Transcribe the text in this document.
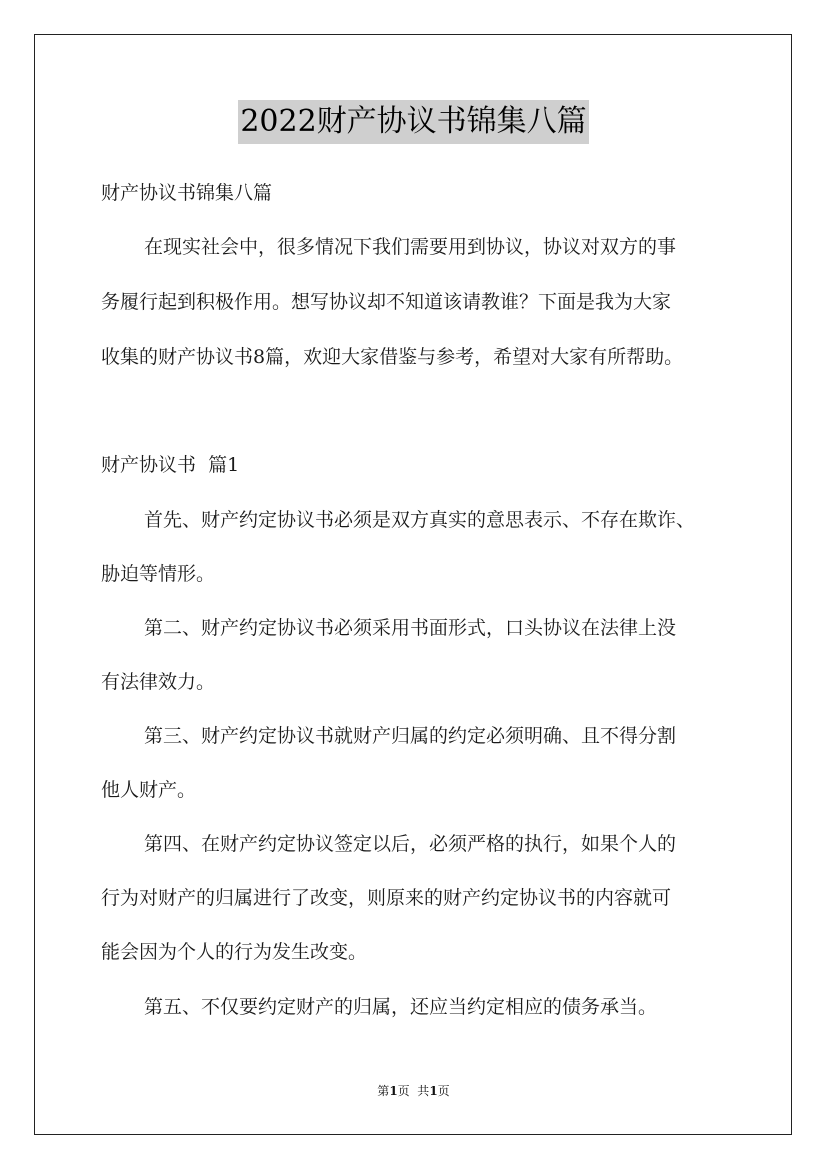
2022财产协议书锦集八篇
财产协议书锦集八篇
在现实社会中，很多情况下我们需要用到协议，协议对双方的事
务履行起到积极作用。想写协议却不知道该请教谁？下面是我为大家
收集的财产协议书8篇，欢迎大家借鉴与参考，希望对大家有所帮助。
财产协议书  篇1
首先、财产约定协议书必须是双方真实的意思表示、不存在欺诈、
胁迫等情形。
第二、财产约定协议书必须采用书面形式，口头协议在法律上没
有法律效力。
第三、财产约定协议书就财产归属的约定必须明确、且不得分割
他人财产。
第四、在财产约定协议签定以后，必须严格的执行，如果个人的
行为对财产的归属进行了改变，则原来的财产约定协议书的内容就可
能会因为个人的行为发生改变。
第五、不仅要约定财产的归属，还应当约定相应的债务承当。
第1页  共1页
